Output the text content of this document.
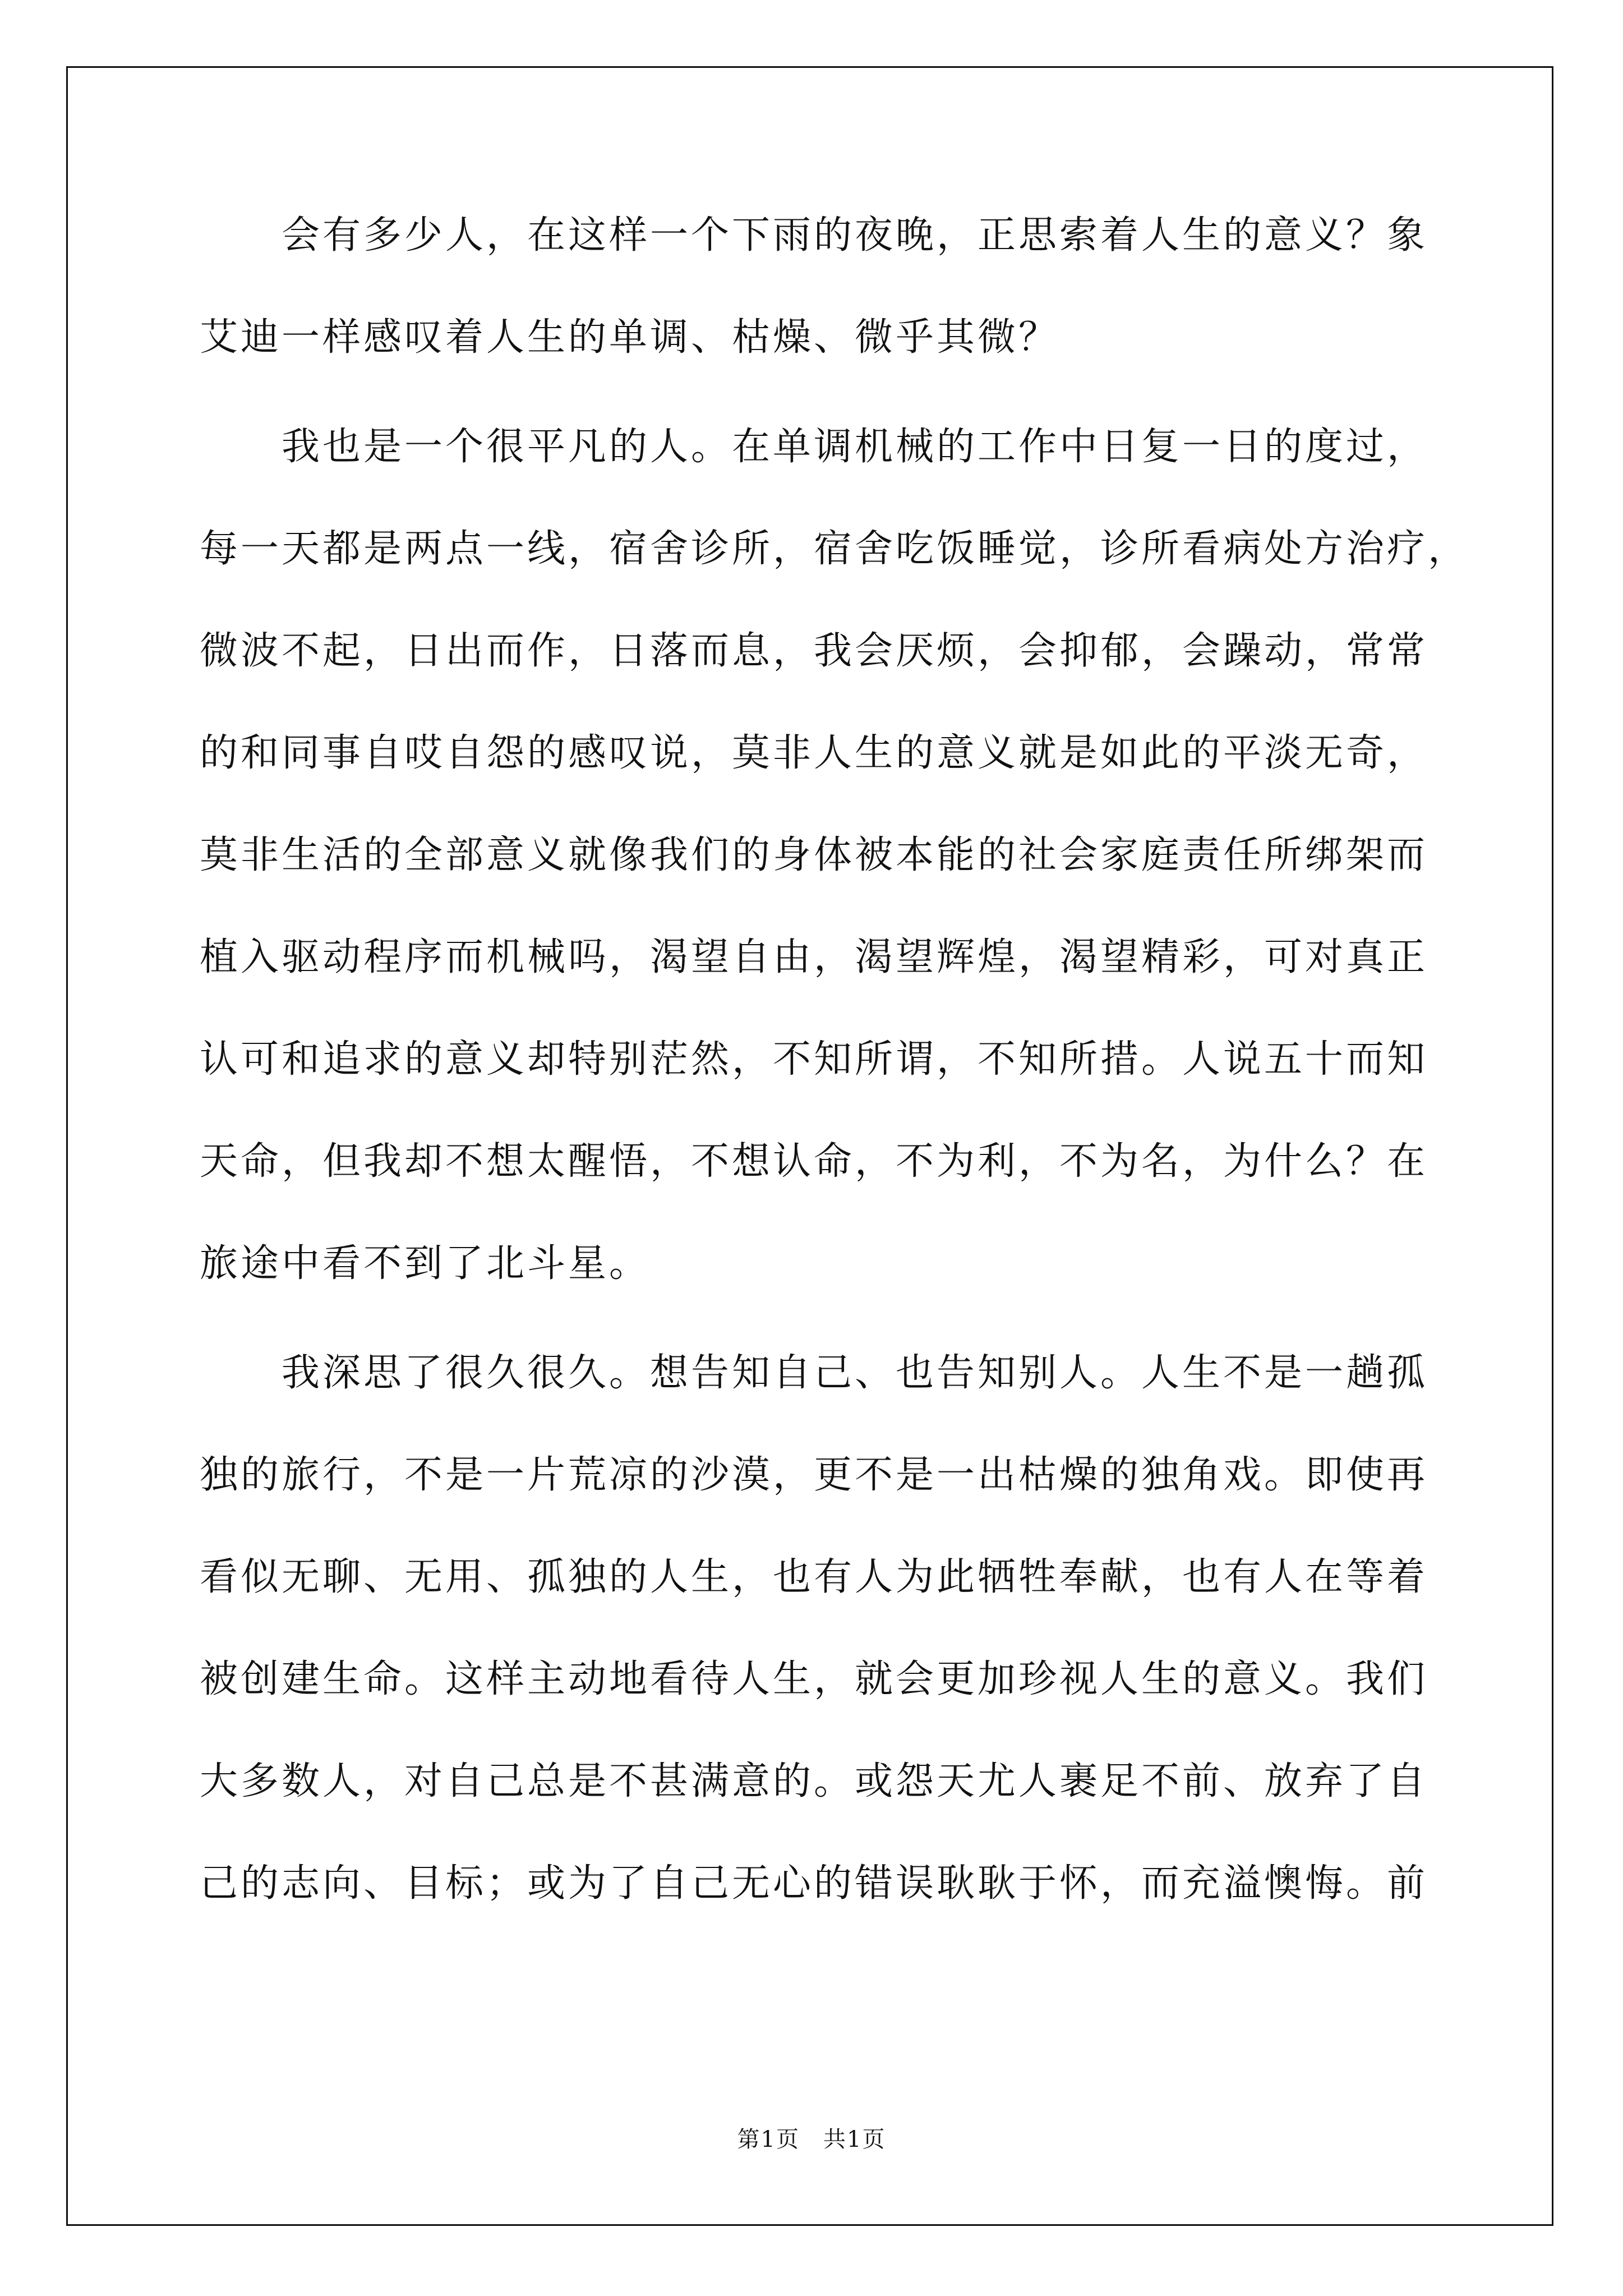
会有多少人，在这样一个下雨的夜晚，正思索着人生的意义？象
艾迪一样感叹着人生的单调、枯燥、微乎其微？
我也是一个很平凡的人。在单调机械的工作中日复一日的度过，
每一天都是两点一线，宿舍诊所，宿舍吃饭睡觉，诊所看病处方治疗，
微波不起，日出而作，日落而息，我会厌烦，会抑郁，会躁动，常常
的和同事自哎自怨的感叹说，莫非人生的意义就是如此的平淡无奇，
莫非生活的全部意义就像我们的身体被本能的社会家庭责任所绑架而
植入驱动程序而机械吗，渴望自由，渴望辉煌，渴望精彩，可对真正
认可和追求的意义却特别茫然，不知所谓，不知所措。人说五十而知
天命，但我却不想太醒悟，不想认命，不为利，不为名，为什么？在
旅途中看不到了北斗星。
我深思了很久很久。想告知自己、也告知别人。人生不是一趟孤
独的旅行，不是一片荒凉的沙漠，更不是一出枯燥的独角戏。即使再
看似无聊、无用、孤独的人生，也有人为此牺牲奉献，也有人在等着
被创建生命。这样主动地看待人生，就会更加珍视人生的意义。我们
大多数人，对自己总是不甚满意的。或怨天尤人裹足不前、放弃了自
己的志向、目标；或为了自己无心的错误耿耿于怀，而充溢懊悔。前
第1页　共1页
